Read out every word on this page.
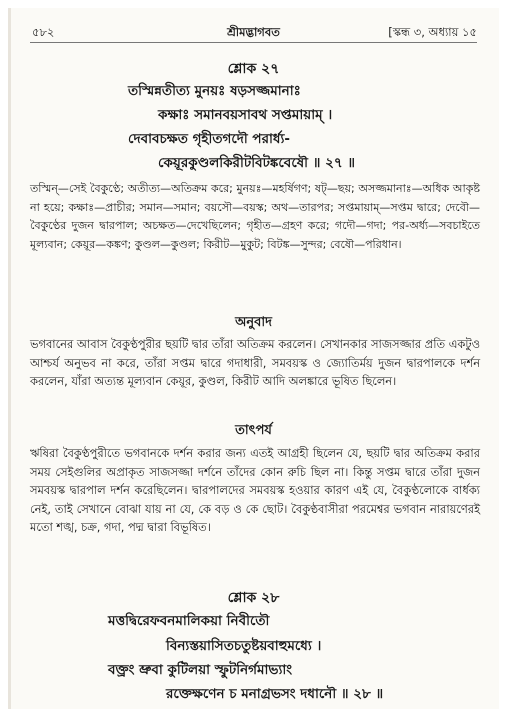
৫৮২	শ্রীমদ্ভাগবত	[স্কন্ধ ৩, অধ্যায় ১৫
শ্লোক ২৭
তস্মিন্নতীত্য মুনয়ঃ ষড়সজ্জমানাঃ
কক্ষাঃ সমানবয়সাবথ সপ্তমায়াম্ ।
দেবাবচক্ষত গৃহীতগদৌ পরার্ধ্য-
কেয়ূরকুণ্ডলকিরীটবিটঙ্কবেষৌ ॥ ২৭ ॥

তস্মিন্—সেই বৈকুণ্ঠে; অতীত্য—অতিক্রম করে; মুনয়ঃ—মহর্ষিগণ; ষট্—ছয়; অসজ্জমানাঃ—অধিক আকৃষ্ট না হয়ে; কক্ষাঃ—প্রাচীর; সমান—সমান; বয়সৌ—বয়স্ক; অথ—তারপর; সপ্তমায়াম্—সপ্তম দ্বারে; দেবৌ—বৈকুণ্ঠের দুজন দ্বারপাল; অচক্ষত—দেখেছিলেন; গৃহীত—গ্রহণ করে; গদৌ—গদা; পর-অর্ধ্য—সবচাইতে মূল্যবান; কেয়ূর—কঙ্কণ; কুণ্ডল—কুণ্ডল; কিরীট—মুকুট; বিটঙ্ক—সুন্দর; বেষৌ—পরিধান।

অনুবাদ

ভগবানের আবাস বৈকুণ্ঠপুরীর ছয়টি দ্বার তাঁরা অতিক্রম করলেন। সেখানকার সাজসজ্জার প্রতি একটুও আশ্চর্য অনুভব না করে, তাঁরা সপ্তম দ্বারে গদাধারী, সমবয়স্ক ও জ্যোতির্ময় দুজন দ্বারপালকে দর্শন করলেন, যাঁরা অত্যন্ত মূল্যবান কেয়ূর, কুণ্ডল, কিরীট আদি অলঙ্কারে ভূষিত ছিলেন।

তাৎপর্য

ঋষিরা বৈকুণ্ঠপুরীতে ভগবানকে দর্শন করার জন্য এতই আগ্রহী ছিলেন যে, ছয়টি দ্বার অতিক্রম করার সময় সেইগুলির অপ্রাকৃত সাজসজ্জা দর্শনে তাঁদের কোন রুচি ছিল না। কিন্তু সপ্তম দ্বারে তাঁরা দুজন সমবয়স্ক দ্বারপাল দর্শন করেছিলেন। দ্বারপালদের সমবয়স্ক হওয়ার কারণ এই যে, বৈকুণ্ঠলোকে বার্ধক্য নেই, তাই সেখানে বোঝা যায় না যে, কে বড় ও কে ছোট। বৈকুণ্ঠবাসীরা পরমেশ্বর ভগবান নারায়ণেরই মতো শঙ্খ, চক্র, গদা, পদ্ম দ্বারা বিভূষিত।

শ্লোক ২৮
মত্তদ্বিরেফবনমালিকয়া নিবীতৌ
বিন্যস্তয়াসিতচতুষ্টয়বাহুমধ্যে ।
বক্ত্রং ভ্রুবা কুটিলয়া স্ফুটনির্গমাভ্যাং
রক্তেক্ষণেন চ মনাগ্রভসং দধানৌ ॥ ২৮ ॥
